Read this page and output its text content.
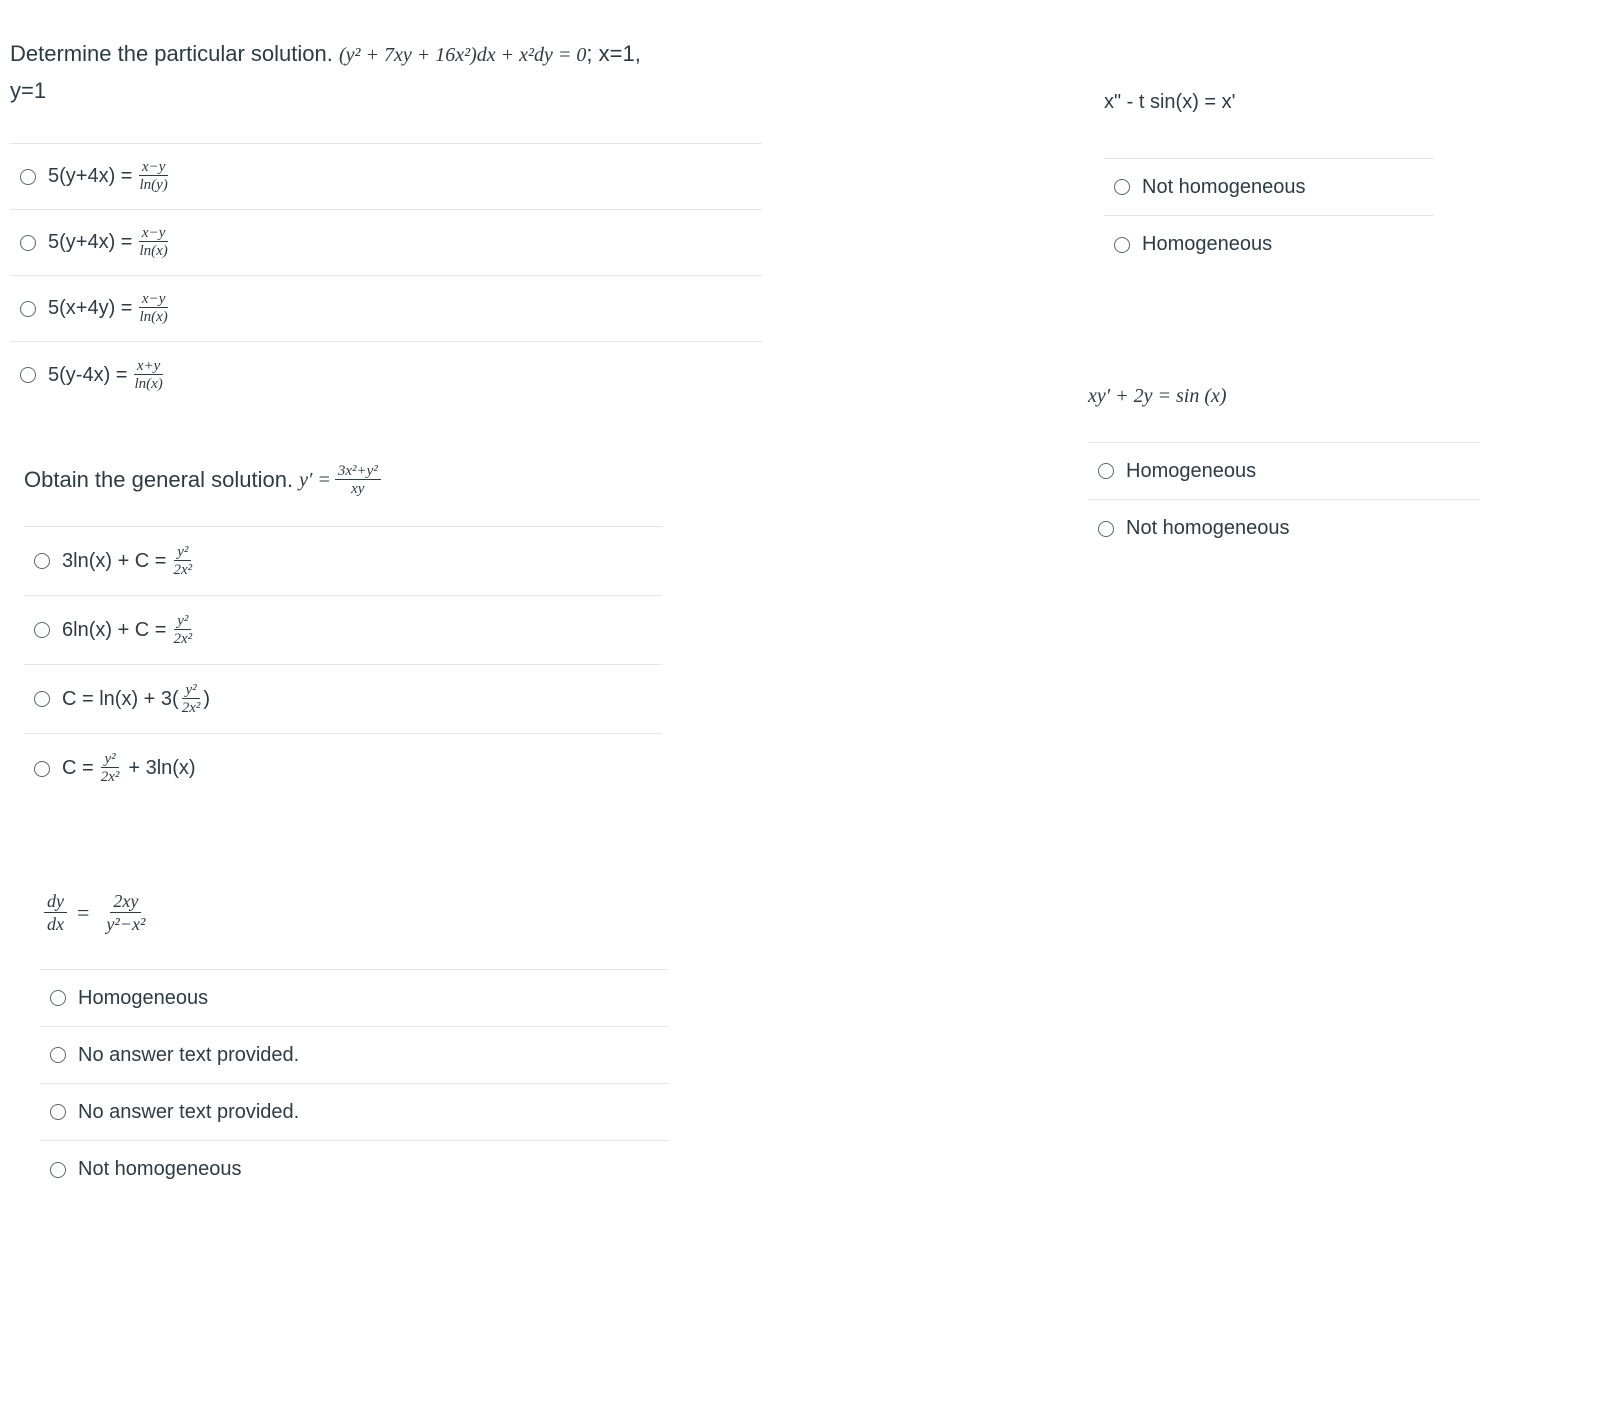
Determine the particular solution. (y² + 7xy + 16x²)dx + x²dy = 0; x=1,
y=1
$5(y+4x) = \frac{x-y}{\ln(y)}$
$5(y+4x) = \frac{x-y}{\ln(x)}$
$5(x+4y) = \frac{x-y}{\ln(x)}$
$5(y-4x) = \frac{x+y}{\ln(x)}$
Obtain the general solution. $y' = \frac{\text{3x²+y²}}{xy}$
$3\ln(x) + C = \frac{\text{y²}}{\text{2x²}}$
$6\ln(x) + C = \frac{\text{y²}}{\text{2x²}}$
$C = \ln(x) + 3( \frac{\text{y²}}{\text{2x²}}$ )
$C = \frac{\text{y²}}{\text{2x²}} + 3\ln(x)$
$\frac{dy}{dx} = \frac{2xy}{\text{y²−x²}}$
Homogeneous
No answer text provided.
No answer text provided.
Not homogeneous
x" - t sin(x) = x'
Not homogeneous
Homogeneous
xy′ + 2y = sin (x)
Homogeneous
Not homogeneous
